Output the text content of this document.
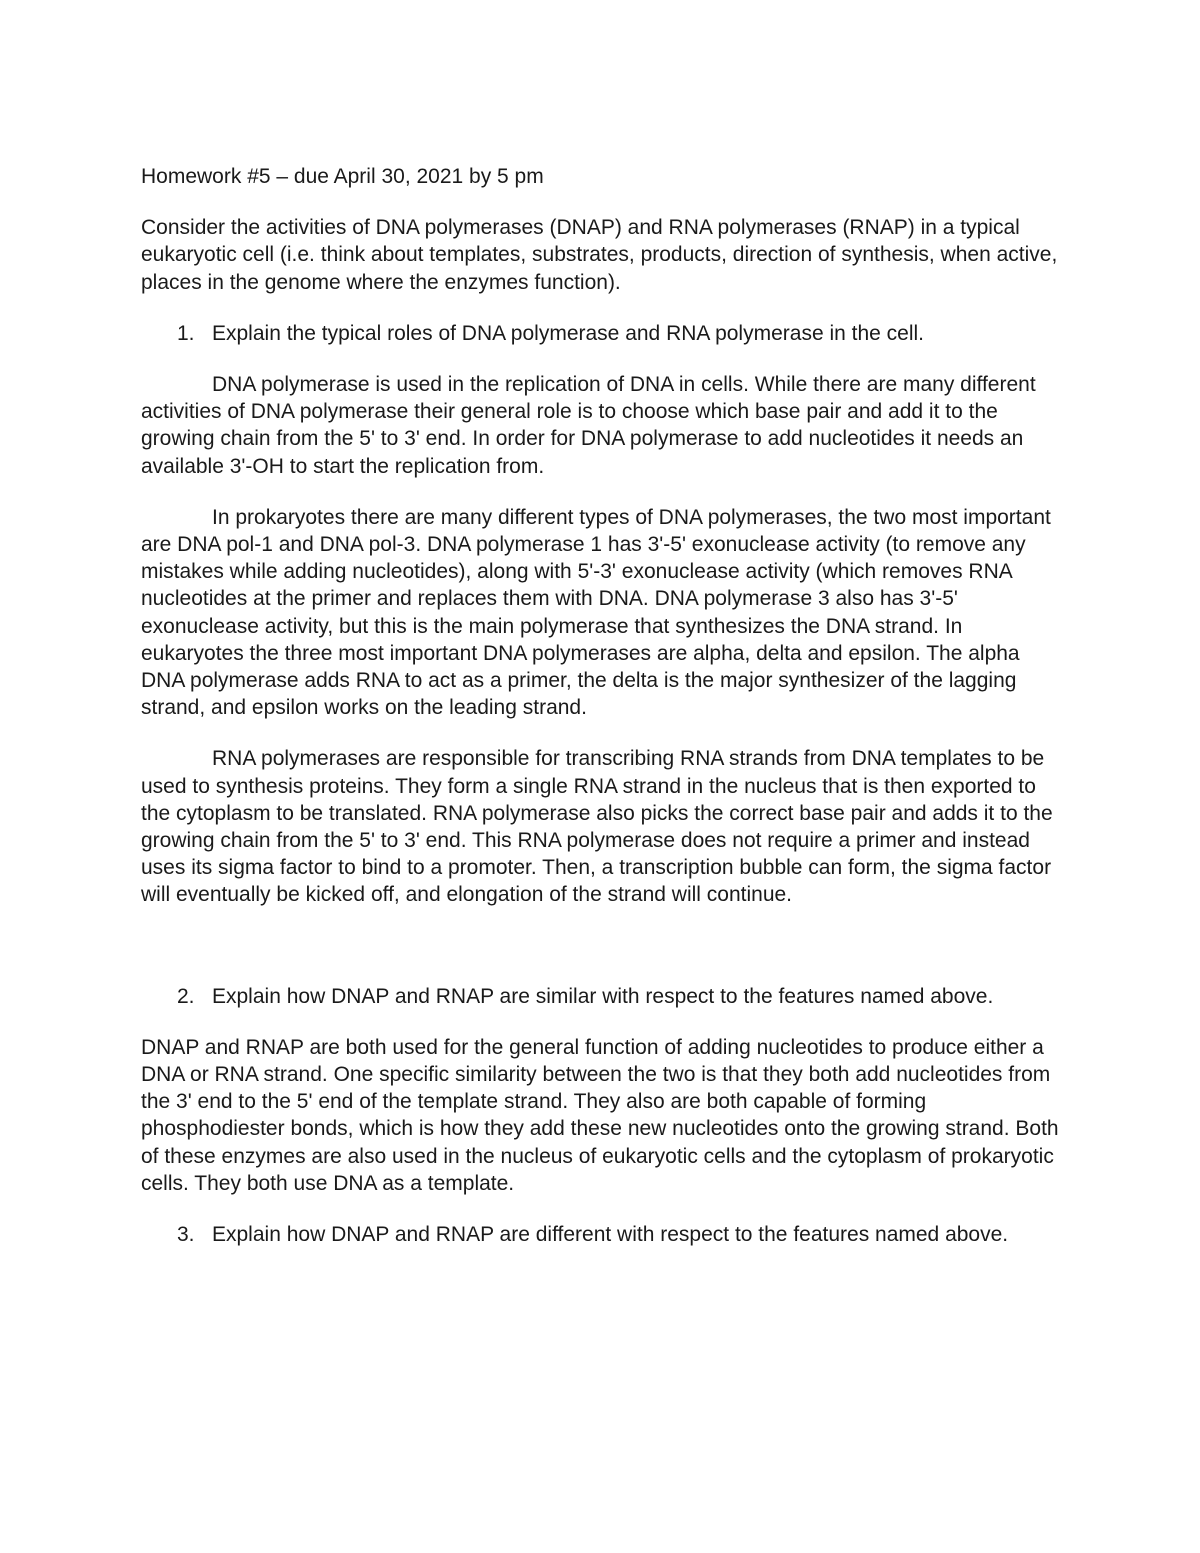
Homework #5 – due April 30, 2021 by 5 pm

Consider the activities of DNA polymerases (DNAP) and RNA polymerases (RNAP) in a typical eukaryotic cell (i.e. think about templates, substrates, products, direction of synthesis, when active, places in the genome where the enzymes function).

1. Explain the typical roles of DNA polymerase and RNA polymerase in the cell.

DNA polymerase is used in the replication of DNA in cells. While there are many different activities of DNA polymerase their general role is to choose which base pair and add it to the growing chain from the 5' to 3' end. In order for DNA polymerase to add nucleotides it needs an available 3'-OH to start the replication from.

In prokaryotes there are many different types of DNA polymerases, the two most important are DNA pol-1 and DNA pol-3. DNA polymerase 1 has 3'-5' exonuclease activity (to remove any mistakes while adding nucleotides), along with 5'-3' exonuclease activity (which removes RNA nucleotides at the primer and replaces them with DNA. DNA polymerase 3 also has 3'-5' exonuclease activity, but this is the main polymerase that synthesizes the DNA strand. In eukaryotes the three most important DNA polymerases are alpha, delta and epsilon. The alpha DNA polymerase adds RNA to act as a primer, the delta is the major synthesizer of the lagging strand, and epsilon works on the leading strand.

RNA polymerases are responsible for transcribing RNA strands from DNA templates to be used to synthesis proteins. They form a single RNA strand in the nucleus that is then exported to the cytoplasm to be translated. RNA polymerase also picks the correct base pair and adds it to the growing chain from the 5' to 3' end. This RNA polymerase does not require a primer and instead uses its sigma factor to bind to a promoter. Then, a transcription bubble can form, the sigma factor will eventually be kicked off, and elongation of the strand will continue.

2. Explain how DNAP and RNAP are similar with respect to the features named above.

DNAP and RNAP are both used for the general function of adding nucleotides to produce either a DNA or RNA strand. One specific similarity between the two is that they both add nucleotides from the 3' end to the 5' end of the template strand. They also are both capable of forming phosphodiester bonds, which is how they add these new nucleotides onto the growing strand. Both of these enzymes are also used in the nucleus of eukaryotic cells and the cytoplasm of prokaryotic cells. They both use DNA as a template.

3. Explain how DNAP and RNAP are different with respect to the features named above.
